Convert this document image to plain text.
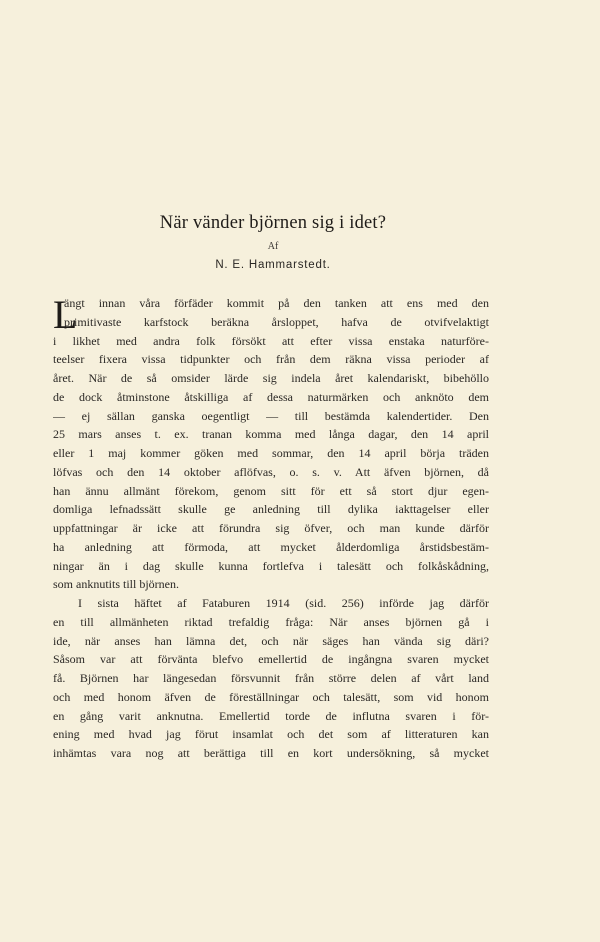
När vänder björnen sig i idet?
Af
N. E. Hammarstedt.
L
ängt innan våra förfäder kommit på den tanken att ens med den
primitivaste karfstock beräkna årsloppet, hafva de otvifvelaktigt
i likhet med andra folk försökt att efter vissa enstaka naturföre-
teelser fixera vissa tidpunkter och från dem räkna vissa perioder af
året. När de så omsider lärde sig indela året kalendariskt, bibehöllo
de dock åtminstone åtskilliga af dessa naturmärken och anknöto dem
— ej sällan ganska oegentligt — till bestämda kalendertider. Den
25 mars anses t. ex. tranan komma med långa dagar, den 14 april
eller 1 maj kommer göken med sommar, den 14 april börja träden
löfvas och den 14 oktober aflöfvas, o. s. v. Att äfven björnen, då
han ännu allmänt förekom, genom sitt för ett så stort djur egen-
domliga lefnadssätt skulle ge anledning till dylika iakttagelser eller
uppfattningar är icke att förundra sig öfver, och man kunde därför
ha anledning att förmoda, att mycket ålderdomliga årstidsbestäm-
ningar än i dag skulle kunna fortlefva i talesätt och folkåskådning,
som anknutits till björnen.
I sista häftet af Fataburen 1914 (sid. 256) införde jag därför
en till allmänheten riktad trefaldig fråga: När anses björnen gå i
ide, när anses han lämna det, och när säges han vända sig däri?
Såsom var att förvänta blefvo emellertid de ingångna svaren mycket
få. Björnen har längesedan försvunnit från större delen af vårt land
och med honom äfven de föreställningar och talesätt, som vid honom
en gång varit anknutna. Emellertid torde de influtna svaren i för-
ening med hvad jag förut insamlat och det som af litteraturen kan
inhämtas vara nog att berättiga till en kort undersökning, så mycket
